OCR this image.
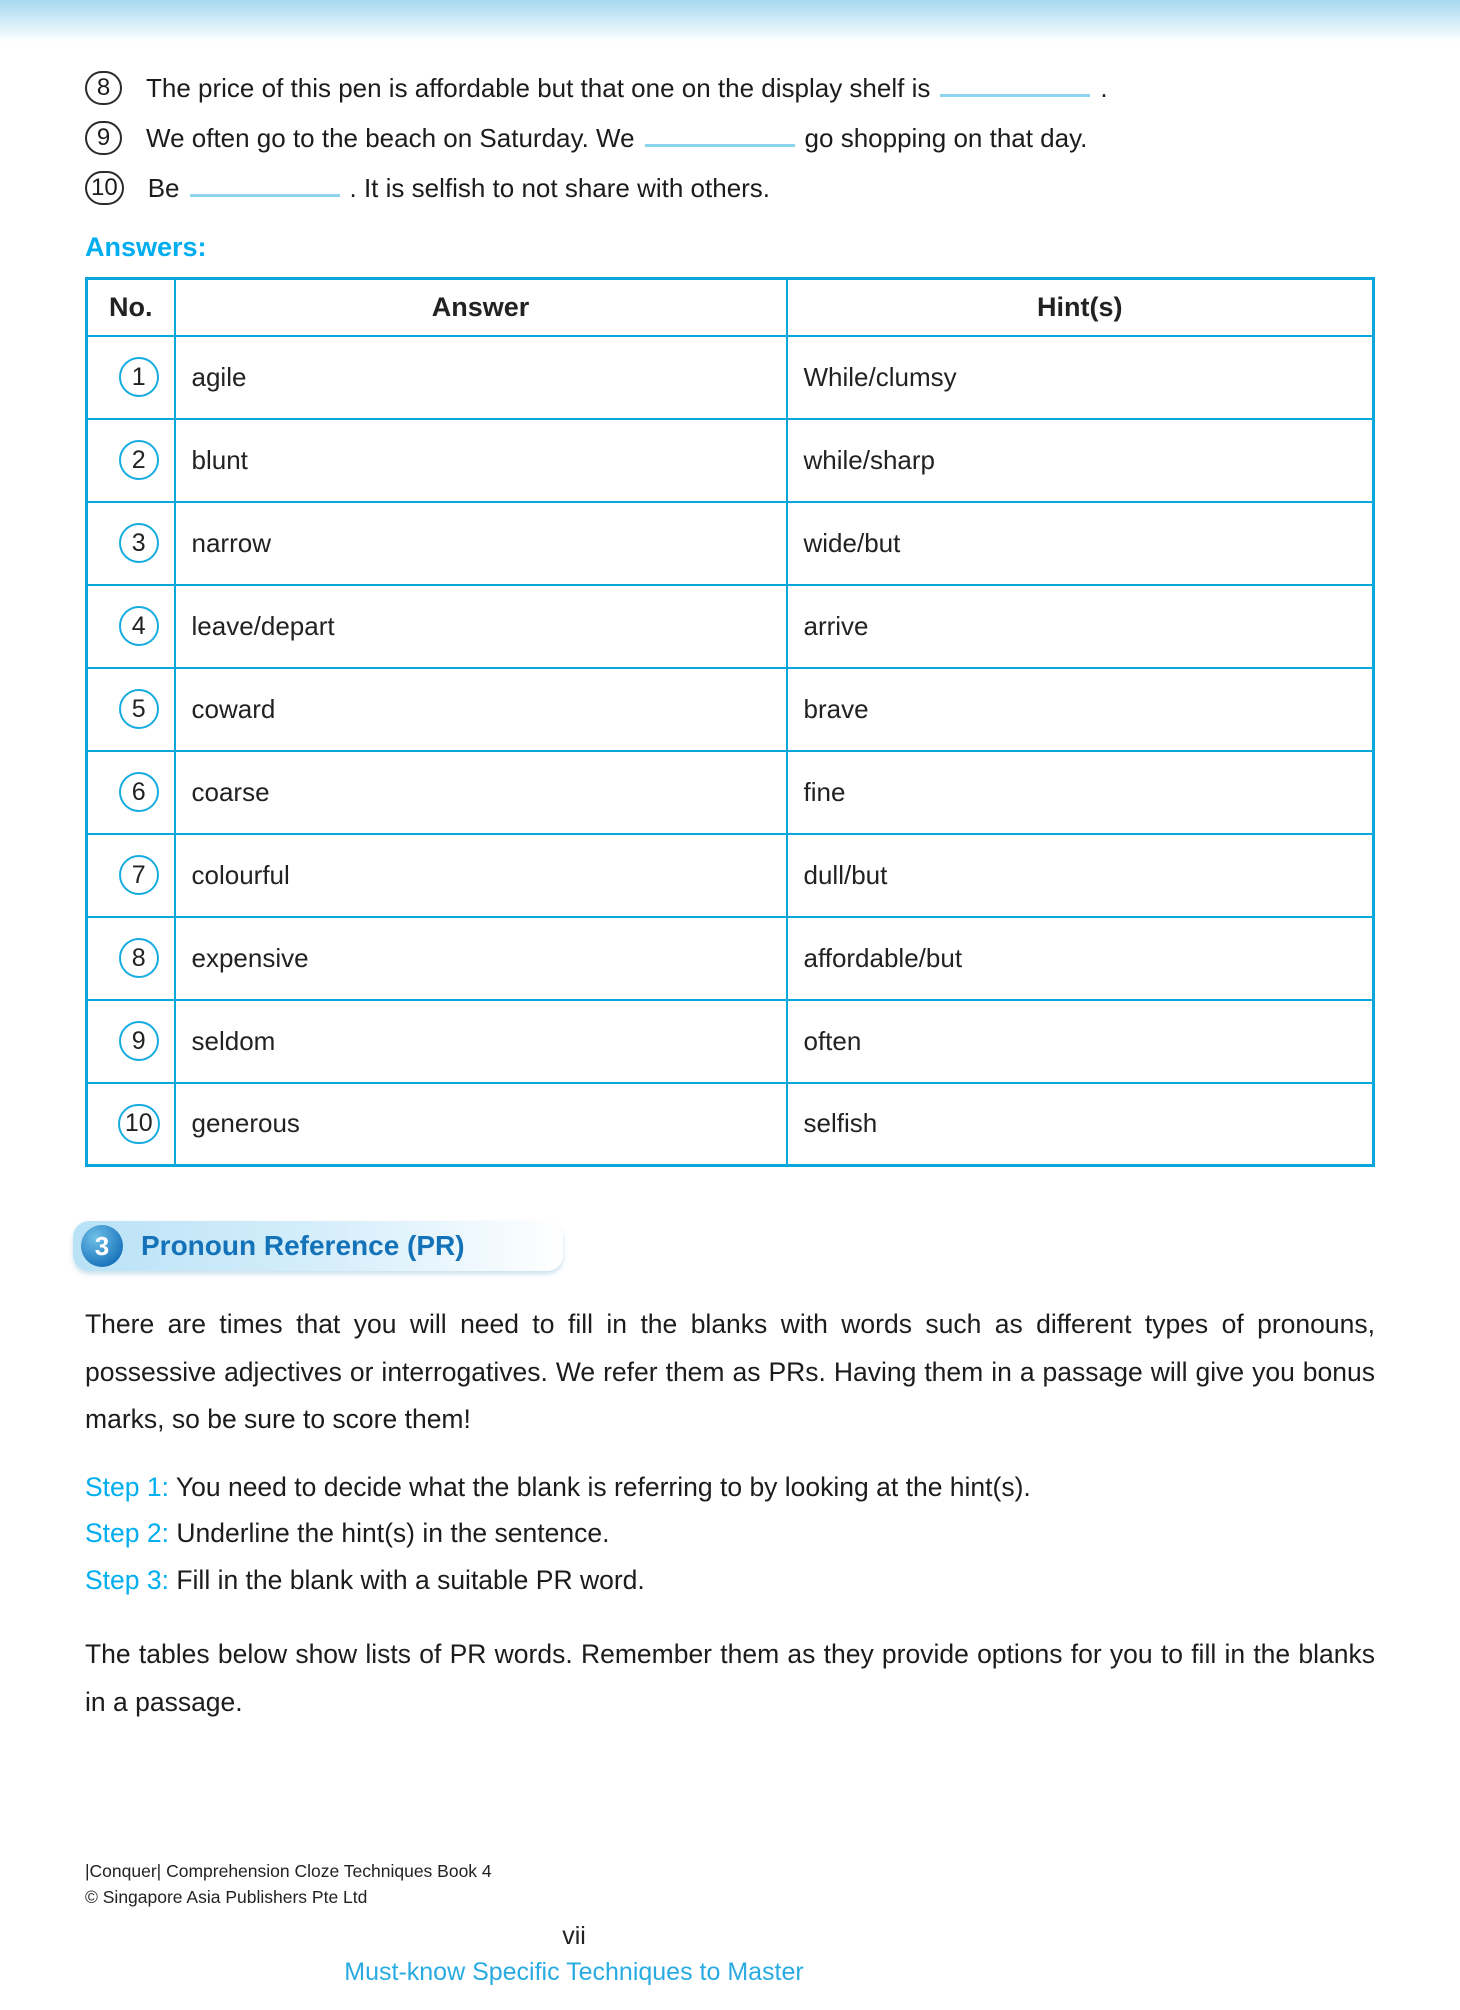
8 The price of this pen is affordable but that one on the display shelf is	.
9 We often go to the beach on Saturday. We	go shopping on that day.
10 Be	. It is selfish to not share with others.
Answers:
No.	Answer	Hint(s)

1	agile	While/clumsy

2	blunt	while/sharp

3	narrow	wide/but

4	leave/depart	arrive

5	coward	brave

6	coarse	fine

7	colourful	dull/but

8	expensive	affordable/but

9	seldom	often

10	generous	selfish
3 Pronoun Reference (PR)

There are times that you will need to fill in the blanks with words such as different types of pronouns, possessive adjectives or interrogatives. We refer them as PRs. Having them in a passage will give you bonus marks, so be sure to score them!

Step 1: You need to decide what the blank is referring to by looking at the hint(s).
Step 2: Underline the hint(s) in the sentence.
Step 3: Fill in the blank with a suitable PR word.

The tables below show lists of PR words. Remember them as they provide options for you to fill in the blanks in a passage.

|Conquer| Comprehension Cloze Techniques Book 4
© Singapore Asia Publishers Pte Ltd
vii
Must-know Specific Techniques to Master
